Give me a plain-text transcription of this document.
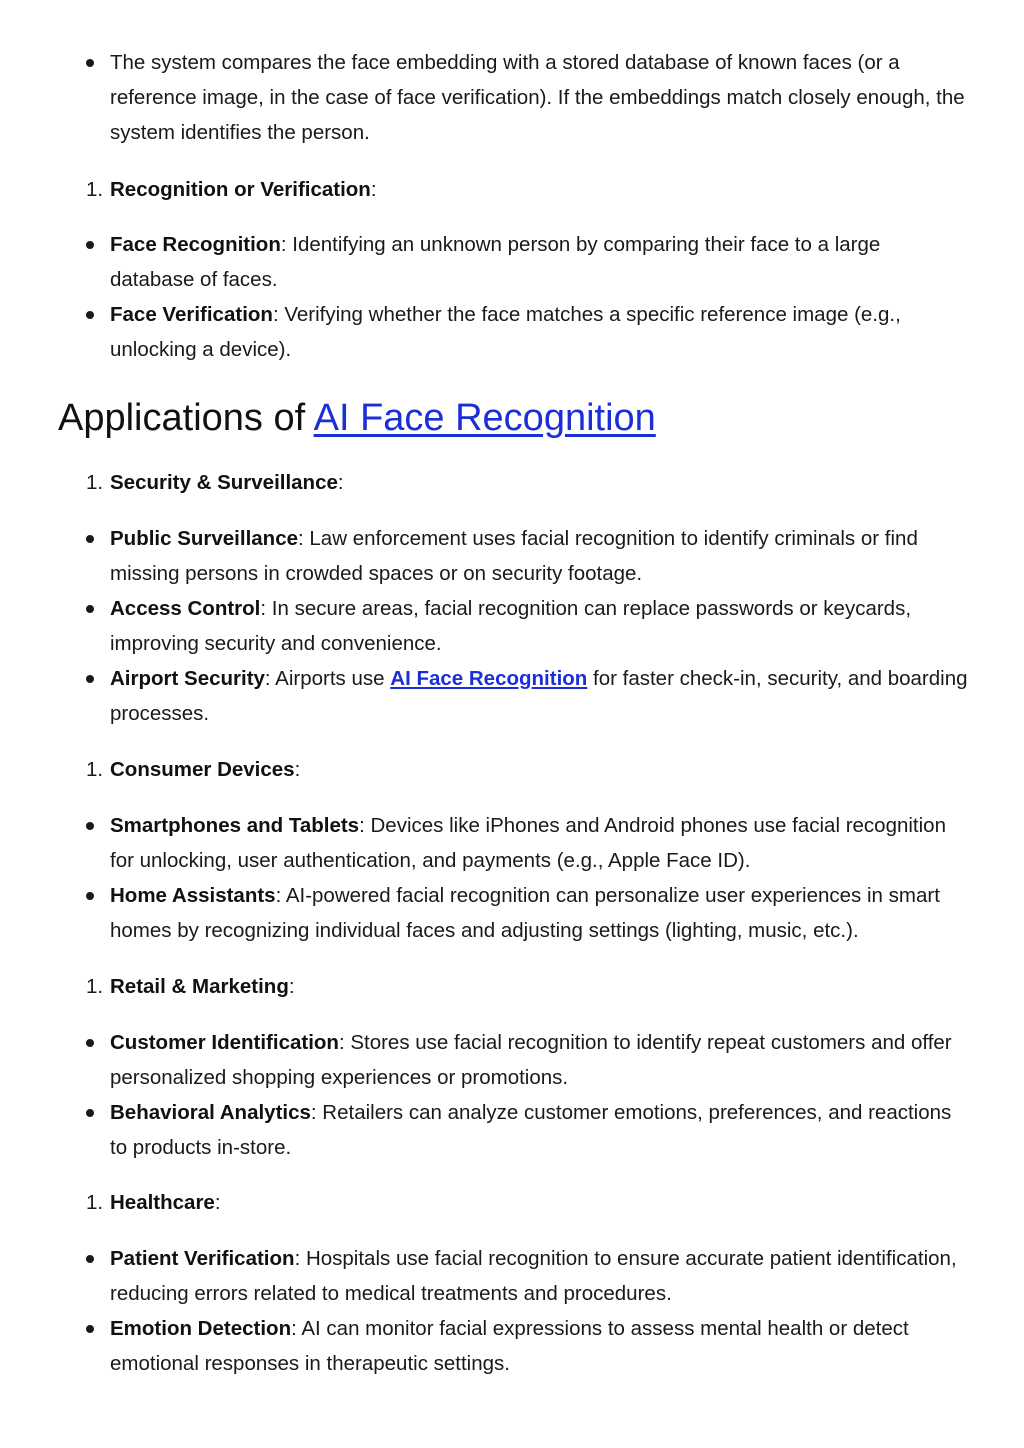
The system compares the face embedding with a stored database of known faces (or a reference image, in the case of face verification). If the embeddings match closely enough, the system identifies the person.
1. Recognition or Verification:
Face Recognition: Identifying an unknown person by comparing their face to a large database of faces.
Face Verification: Verifying whether the face matches a specific reference image (e.g., unlocking a device).
Applications of AI Face Recognition
1. Security & Surveillance:
Public Surveillance: Law enforcement uses facial recognition to identify criminals or find missing persons in crowded spaces or on security footage.
Access Control: In secure areas, facial recognition can replace passwords or keycards, improving security and convenience.
Airport Security: Airports use AI Face Recognition for faster check-in, security, and boarding processes.
1. Consumer Devices:
Smartphones and Tablets: Devices like iPhones and Android phones use facial recognition for unlocking, user authentication, and payments (e.g., Apple Face ID).
Home Assistants: AI-powered facial recognition can personalize user experiences in smart homes by recognizing individual faces and adjusting settings (lighting, music, etc.).
1. Retail & Marketing:
Customer Identification: Stores use facial recognition to identify repeat customers and offer personalized shopping experiences or promotions.
Behavioral Analytics: Retailers can analyze customer emotions, preferences, and reactions to products in-store.
1. Healthcare:
Patient Verification: Hospitals use facial recognition to ensure accurate patient identification, reducing errors related to medical treatments and procedures.
Emotion Detection: AI can monitor facial expressions to assess mental health or detect emotional responses in therapeutic settings.
